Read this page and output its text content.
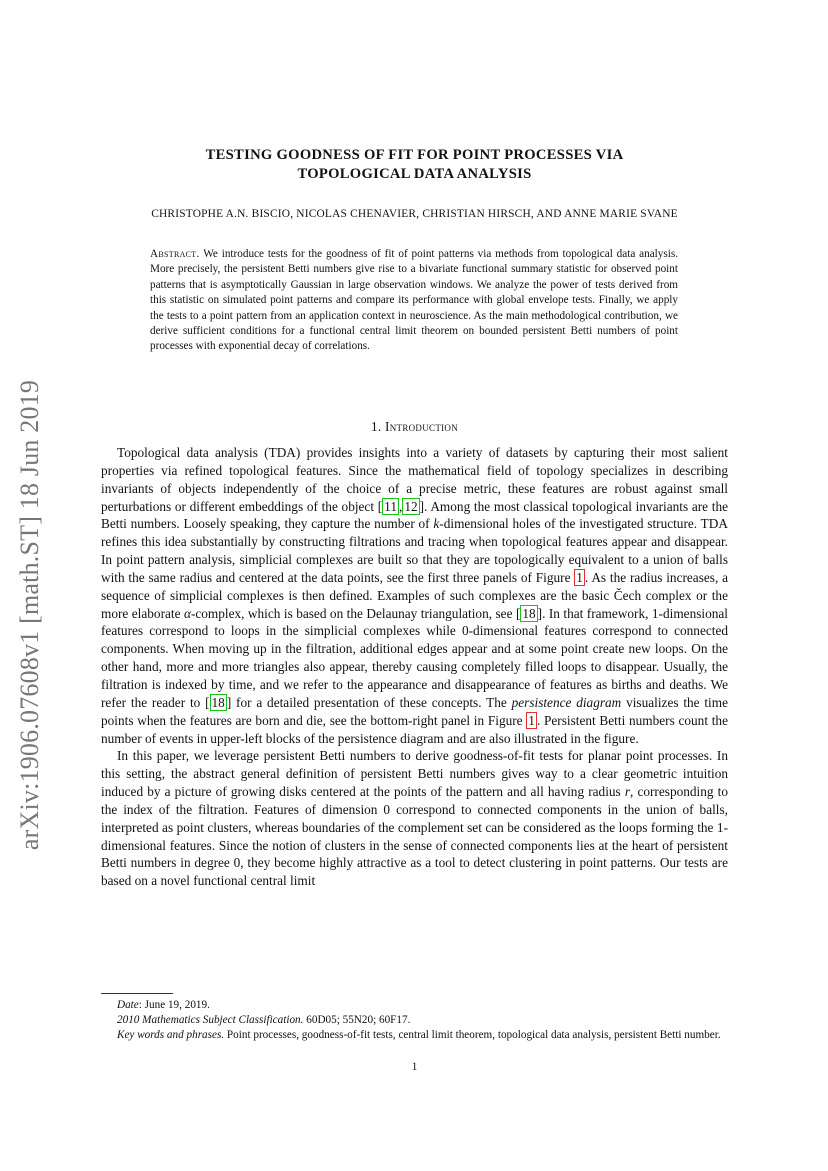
arXiv:1906.07608v1 [math.ST] 18 Jun 2019
TESTING GOODNESS OF FIT FOR POINT PROCESSES VIA
TOPOLOGICAL DATA ANALYSIS
CHRISTOPHE A.N. BISCIO, NICOLAS CHENAVIER, CHRISTIAN HIRSCH, AND ANNE MARIE SVANE
Abstract. We introduce tests for the goodness of fit of point patterns via methods from topological data analysis. More precisely, the persistent Betti numbers give rise to a bivariate functional summary statistic for observed point patterns that is asymptotically Gaussian in large observation windows. We analyze the power of tests derived from this statistic on simulated point patterns and compare its performance with global envelope tests. Finally, we apply the tests to a point pattern from an application context in neuroscience. As the main methodological contribution, we derive sufficient conditions for a functional central limit theorem on bounded persistent Betti numbers of point processes with exponential decay of correlations.
1. Introduction

Topological data analysis (TDA) provides insights into a variety of datasets by capturing their most salient properties via refined topological features. Since the mathematical field of topology specializes in describing invariants of objects independently of the choice of a precise metric, these features are robust against small perturbations or different embeddings of the object [ 11 , 12 ]. Among the most classical topological invariants are the Betti numbers. Loosely speaking, they capture the number of k-dimensional holes of the investigated structure. TDA refines this idea substantially by constructing filtrations and tracing when topological features appear and disappear. In point pattern analysis, simplicial complexes are built so that they are topologically equivalent to a union of balls with the same radius and centered at the data points, see the first three panels of Figure 1 . As the radius increases, a sequence of simplicial complexes is then defined. Examples of such complexes are the basic Čech complex or the more elaborate α-complex, which is based on the Delaunay triangulation, see [ 18 ]. In that framework, 1-dimensional features correspond to loops in the simplicial complexes while 0-dimensional features correspond to connected components. When moving up in the filtration, additional edges appear and at some point create new loops. On the other hand, more and more triangles also appear, thereby causing completely filled loops to disappear. Usually, the filtration is indexed by time, and we refer to the appearance and disappearance of features as births and deaths. We refer the reader to [ 18 ] for a detailed presentation of these concepts. The persistence diagram visualizes the time points when the features are born and die, see the bottom-right panel in Figure 1 . Persistent Betti numbers count the number of events in upper-left blocks of the persistence diagram and are also illustrated in the figure.

In this paper, we leverage persistent Betti numbers to derive goodness-of-fit tests for planar point processes. In this setting, the abstract general definition of persistent Betti numbers gives way to a clear geometric intuition induced by a picture of growing disks centered at the points of the pattern and all having radius r, corresponding to the index of the filtration. Features of dimension 0 correspond to connected components in the union of balls, interpreted as point clusters, whereas boundaries of the complement set can be considered as the loops forming the 1-dimensional features. Since the notion of clusters in the sense of connected components lies at the heart of persistent Betti numbers in degree 0, they become highly attractive as a tool to detect clustering in point patterns. Our tests are based on a novel functional central limit

Date: June 19, 2019.

2010 Mathematics Subject Classification. 60D05; 55N20; 60F17.

Key words and phrases. Point processes, goodness-of-fit tests, central limit theorem, topological data analysis, persistent Betti number.

1
